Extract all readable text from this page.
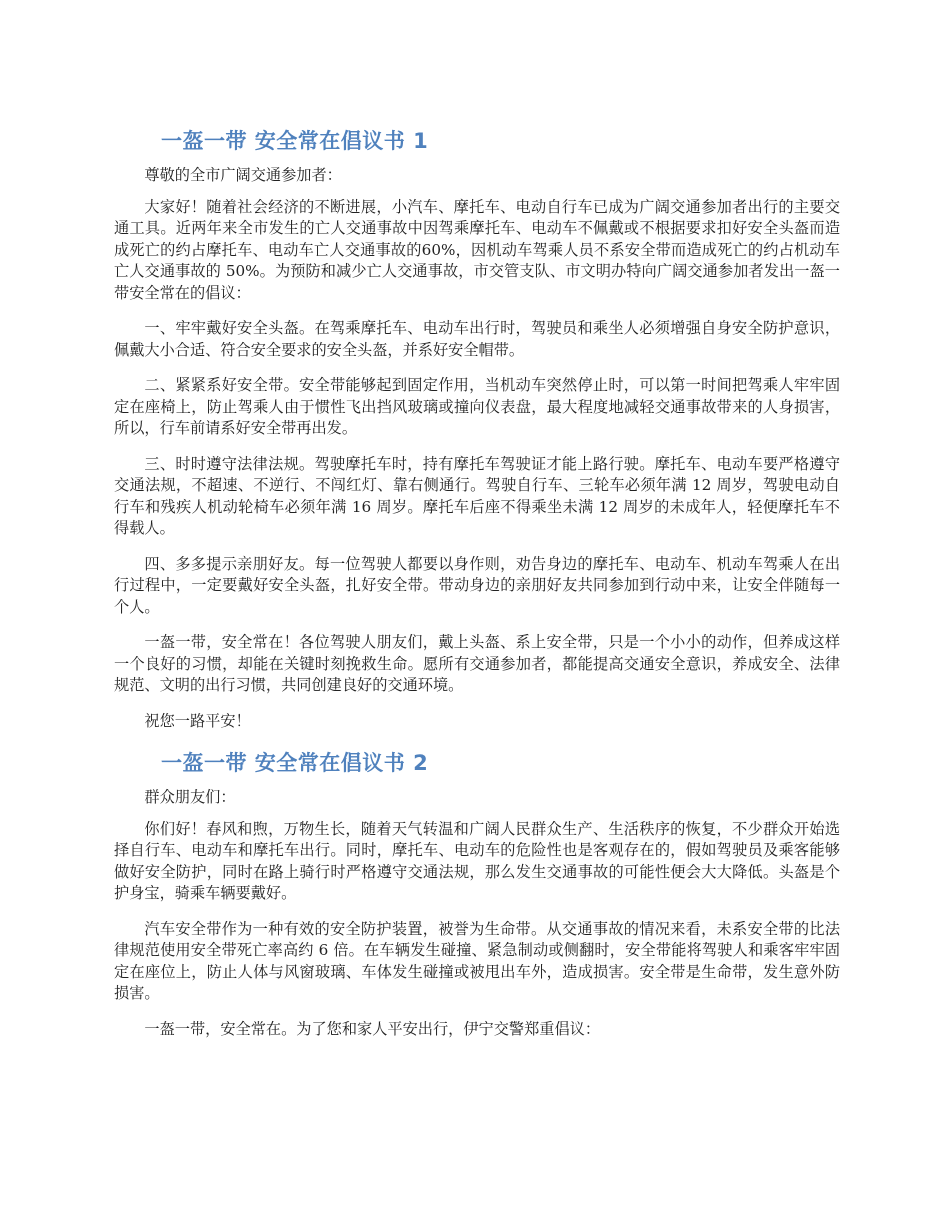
一盔一带 安全常在倡议书 1

尊敬的全市广阔交通参加者：

大家好！随着社会经济的不断进展，小汽车、摩托车、电动自行车已成为广阔交通参加者出行的主要交通工具。近两年来全市发生的亡人交通事故中因驾乘摩托车、电动车不佩戴或不根据要求扣好安全头盔而造成死亡的约占摩托车、电动车亡人交通事故的60%，因机动车驾乘人员不系安全带而造成死亡的约占机动车亡人交通事故的 50%。为预防和减少亡人交通事故，市交管支队、市文明办特向广阔交通参加者发出一盔一带安全常在的倡议：

一、牢牢戴好安全头盔。在驾乘摩托车、电动车出行时，驾驶员和乘坐人必须增强自身安全防护意识，佩戴大小合适、符合安全要求的安全头盔，并系好安全帽带。

二、紧紧系好安全带。安全带能够起到固定作用，当机动车突然停止时，可以第一时间把驾乘人牢牢固定在座椅上，防止驾乘人由于惯性飞出挡风玻璃或撞向仪表盘，最大程度地减轻交通事故带来的人身损害，所以，行车前请系好安全带再出发。

三、时时遵守法律法规。驾驶摩托车时，持有摩托车驾驶证才能上路行驶。摩托车、电动车要严格遵守交通法规，不超速、不逆行、不闯红灯、靠右侧通行。驾驶自行车、三轮车必须年满 12 周岁，驾驶电动自行车和残疾人机动轮椅车必须年满 16 周岁。摩托车后座不得乘坐未满 12 周岁的未成年人，轻便摩托车不得载人。

四、多多提示亲朋好友。每一位驾驶人都要以身作则，劝告身边的摩托车、电动车、机动车驾乘人在出行过程中，一定要戴好安全头盔，扎好安全带。带动身边的亲朋好友共同参加到行动中来，让安全伴随每一个人。

一盔一带，安全常在！各位驾驶人朋友们，戴上头盔、系上安全带，只是一个小小的动作，但养成这样一个良好的习惯，却能在关键时刻挽救生命。愿所有交通参加者，都能提高交通安全意识，养成安全、法律规范、文明的出行习惯，共同创建良好的交通环境。

祝您一路平安！

一盔一带 安全常在倡议书 2

群众朋友们：

你们好！春风和煦，万物生长，随着天气转温和广阔人民群众生产、生活秩序的恢复，不少群众开始选择自行车、电动车和摩托车出行。同时，摩托车、电动车的危险性也是客观存在的，假如驾驶员及乘客能够做好安全防护，同时在路上骑行时严格遵守交通法规，那么发生交通事故的可能性便会大大降低。头盔是个护身宝，骑乘车辆要戴好。

汽车安全带作为一种有效的安全防护装置，被誉为生命带。从交通事故的情况来看，未系安全带的比法律规范使用安全带死亡率高约 6 倍。在车辆发生碰撞、紧急制动或侧翻时，安全带能将驾驶人和乘客牢牢固定在座位上，防止人体与风窗玻璃、车体发生碰撞或被甩出车外，造成损害。安全带是生命带，发生意外防损害。

一盔一带，安全常在。为了您和家人平安出行，伊宁交警郑重倡议：
